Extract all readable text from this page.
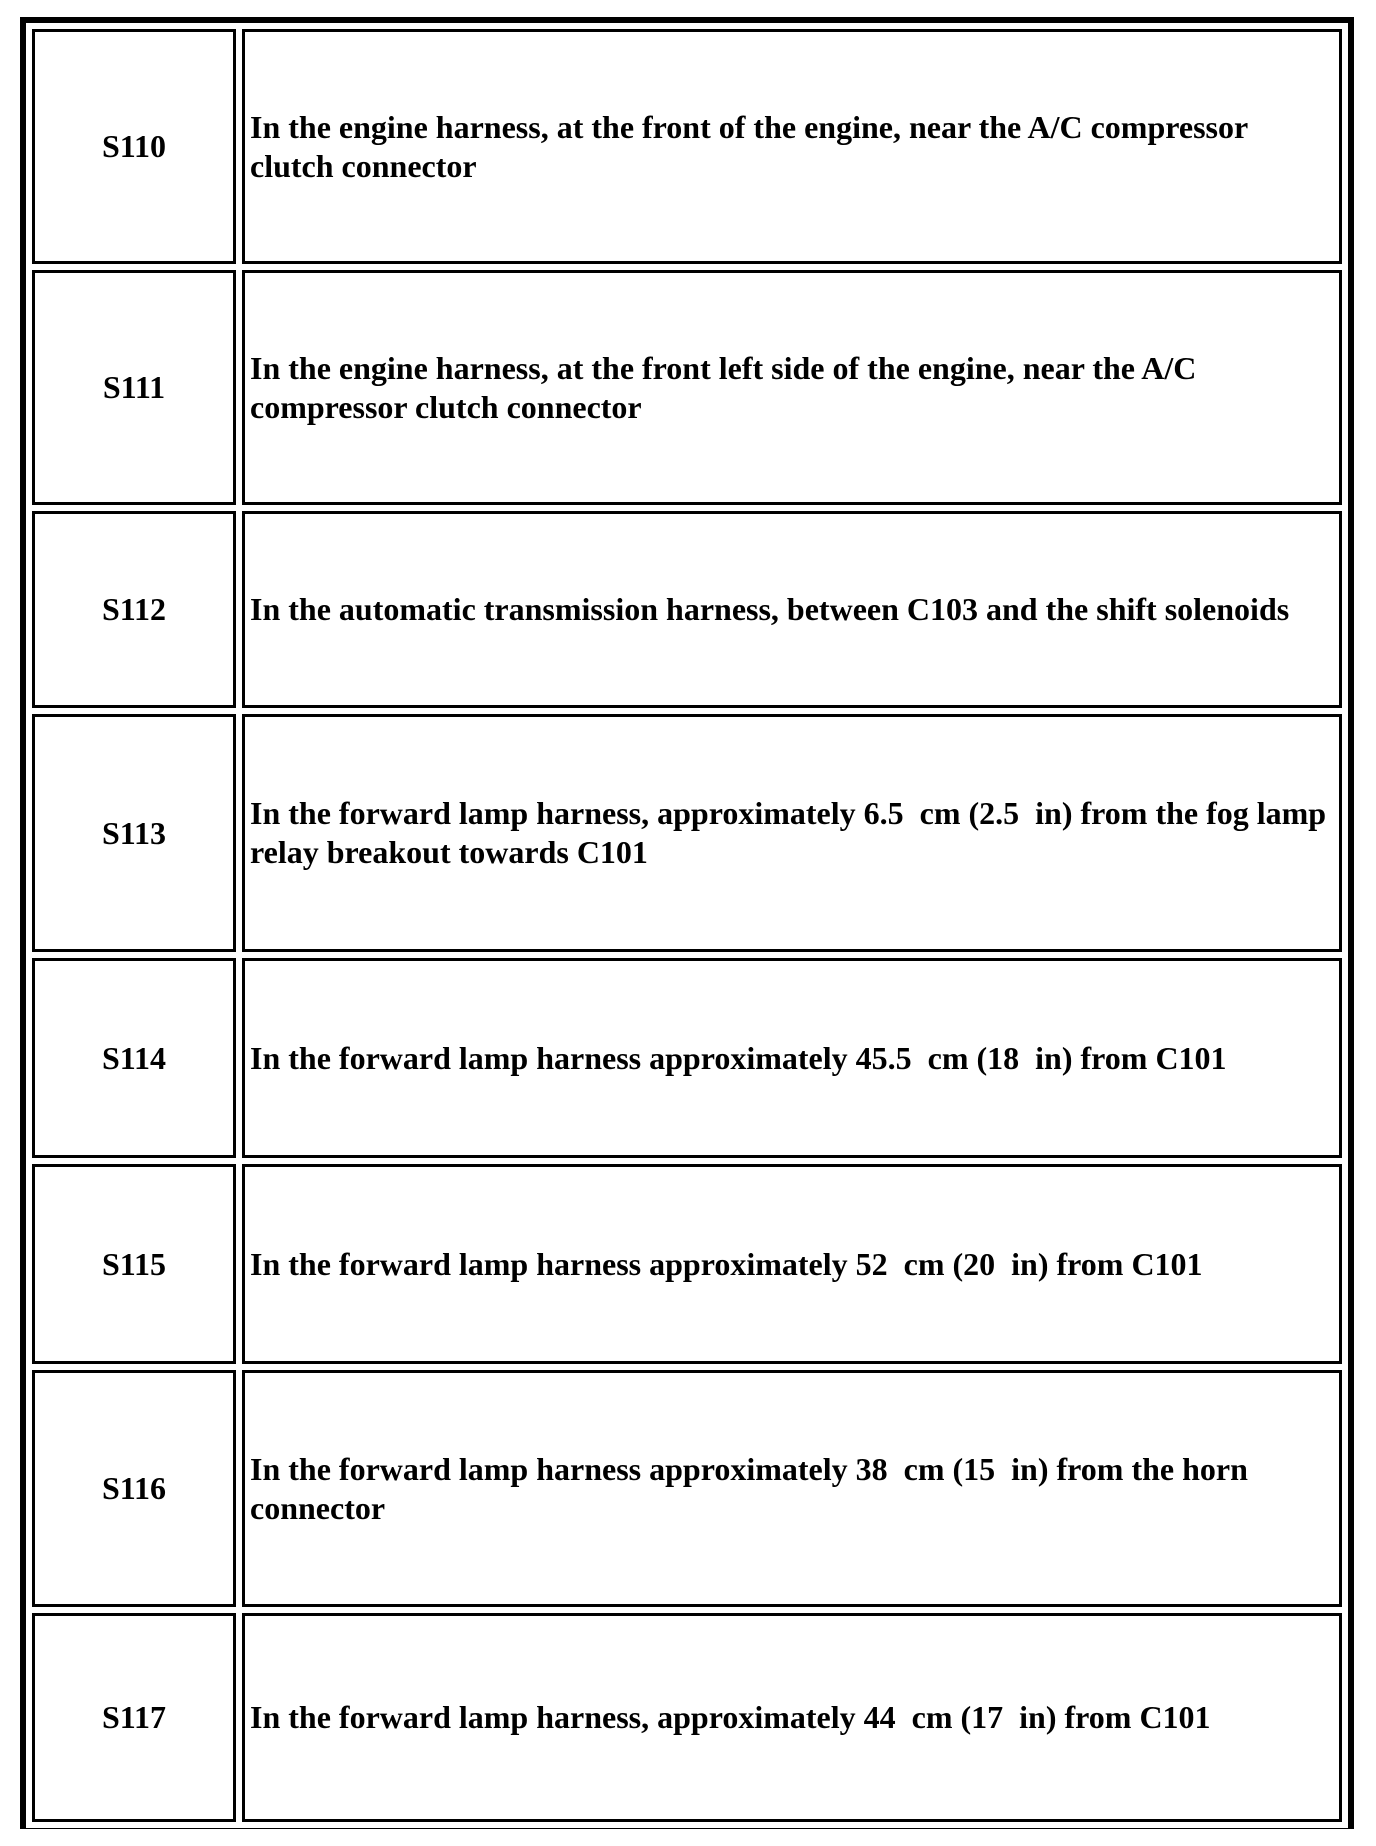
S110	In the engine harness, at the front of the engine, near the A/C compressor clutch connector
S111	In the engine harness, at the front left side of the engine, near the A/C compressor clutch connector
S112	In the automatic transmission harness, between C103 and the shift solenoids
S113	In the forward lamp harness, approximately 6.5  cm (2.5  in) from the fog lamp relay breakout towards C101
S114	In the forward lamp harness approximately 45.5  cm (18  in) from C101
S115	In the forward lamp harness approximately 52  cm (20  in) from C101
S116	In the forward lamp harness approximately 38  cm (15  in) from the horn connector
S117	In the forward lamp harness, approximately 44  cm (17  in) from C101
